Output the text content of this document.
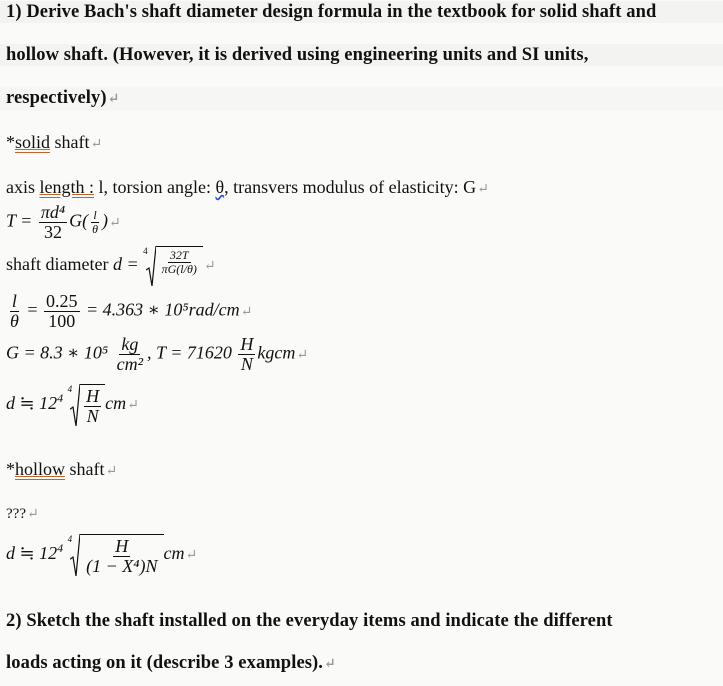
1) Derive Bach's shaft diameter design formula in the textbook for solid shaft and
hollow shaft. (However, it is derived using engineering units and SI units,
respectively)↵
*solid shaft↵
axis length : l, torsion angle: θ, transvers modulus of elasticity: G↵
$T = \frac{\text{πd⁴}}{32} G( \frac{l}{\theta}$ )↵
shaft diameter d =
$4 \frac{32T}{\pi G(l/\theta)}$ ↵
$\frac{l}{\theta} = \frac{0.25}{100} = 4.363$ ∗ 10⁵rad/cm↵
G = 8.3 ∗ $10^5 \frac{kg}{\text{cm²}}$ , $T = 71620 \frac{H}{N}$ kgcm↵
d ≒ $12^4$
$4 \frac{H}{N}$ cm↵
*hollow shaft↵
???↵
d ≒ $12^4$
$4 \frac{H}{\text{(1 − X⁴)N}}$ cm↵
2) Sketch the shaft installed on the everyday items and indicate the different
loads acting on it (describe 3 examples).↵
